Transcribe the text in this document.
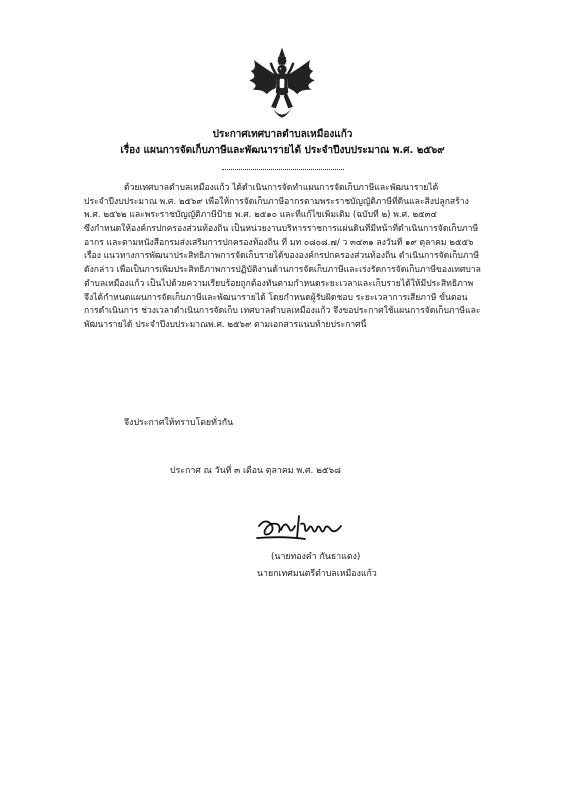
ประกาศเทศบาลตำบลเหมืองแก้ว
เรื่อง แผนการจัดเก็บภาษีและพัฒนารายได้ ประจำปีงบประมาณ พ.ศ. ๒๕๖๙
ด้วยเทศบาลตำบลเหมืองแก้ว ได้ดำเนินการจัดทำแผนการจัดเก็บภาษีและพัฒนารายได้
ประจำปีงบประมาณ พ.ศ. ๒๕๖๙ เพื่อให้การจัดเก็บภาษีอากรตามพระราชบัญญัติภาษีที่ดินและสิ่งปลูกสร้าง
พ.ศ. ๒๕๖๒ และพระราชบัญญัติภาษีป้าย พ.ศ. ๒๕๑๐ และที่แก้ไขเพิ่มเติม (ฉบับที่ ๒) พ.ศ. ๒๕๓๔
ซึ่งกำหนดให้องค์กรปกครองส่วนท้องถิ่น เป็นหน่วยงานบริหารราชการแผ่นดินที่มีหน้าที่ดำเนินการจัดเก็บภาษี
อากร และตามหนังสือกรมส่งเสริมการปกครองท้องถิ่น ที่ มท ๐๘๐๘.๗/ ว ๓๔๓๑ ลงวันที่ ๑๙ ตุลาคม ๒๕๕๖
เรื่อง แนวทางการพัฒนาประสิทธิภาพการจัดเก็บรายได้ขององค์กรปกครองส่วนท้องถิ่น ดำเนินการจัดเก็บภาษี
ดังกล่าว เพื่อเป็นการเพิ่มประสิทธิภาพการปฏิบัติงานด้านการจัดเก็บภาษีและเร่งรัดการจัดเก็บภาษีของเทศบาล
ตำบลเหมืองแก้ว เป็นไปด้วยความเรียบร้อยถูกต้องทันตามกำหนดระยะเวลาและเก็บรายได้ให้มีประสิทธิภาพ
จึงได้กำหนดแผนการจัดเก็บภาษีและพัฒนารายได้ โดยกำหนดผู้รับผิดชอบ ระยะเวลาการเสียภาษี ขั้นตอน
การดำเนินการ ช่วงเวลาดำเนินการจัดเก็บ เทศบาลตำบลเหมืองแก้ว จึงขอประกาศใช้แผนการจัดเก็บภาษีและ
พัฒนารายได้ ประจำปีงบประมาณพ.ศ. ๒๕๖๙ ตามเอกสารแนบท้ายประกาศนี้
จึงประกาศให้ทราบโดยทั่วกัน
ประกาศ ณ วันที่ ๓ เดือน ตุลาคม พ.ศ. ๒๕๖๘
(นายทองคำ กันธาแดง)
นายกเทศมนตรีตำบลเหมืองแก้ว
